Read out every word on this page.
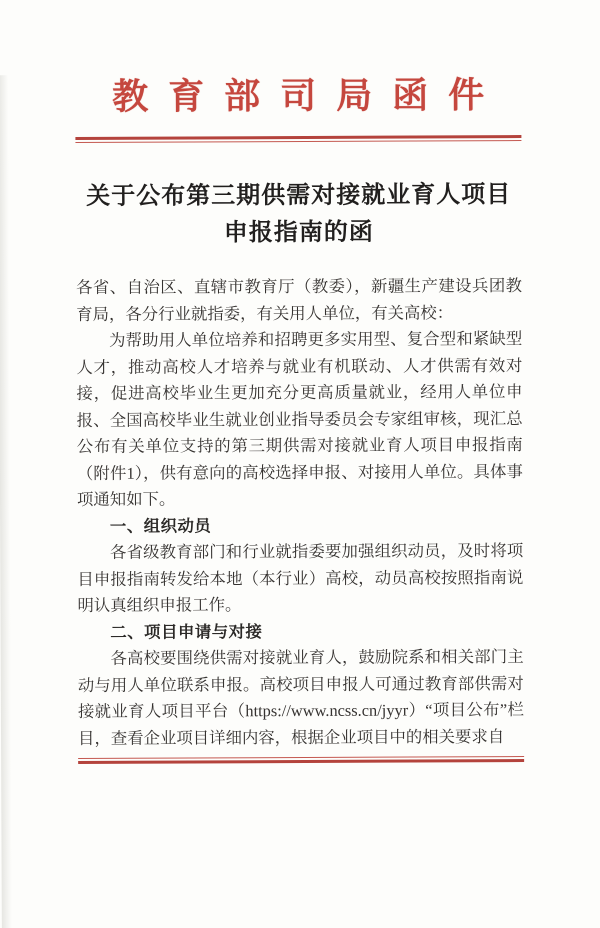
教育部司局函件
关于公布第三期供需对接就业育人项目
申报指南的函

各省、自治区、直辖市教育厅（教委），新疆生产建设兵团教育局，各分行业就指委，有关用人单位，有关高校：

为帮助用人单位培养和招聘更多实用型、复合型和紧缺型人才，推动高校人才培养与就业有机联动、人才供需有效对接，促进高校毕业生更加充分更高质量就业，经用人单位申报、全国高校毕业生就业创业指导委员会专家组审核，现汇总公布有关单位支持的第三期供需对接就业育人项目申报指南（附件1），供有意向的高校选择申报、对接用人单位。具体事项通知如下。

一、组织动员

各省级教育部门和行业就指委要加强组织动员，及时将项目申报指南转发给本地（本行业）高校，动员高校按照指南说明认真组织申报工作。

二、项目申请与对接

各高校要围绕供需对接就业育人，鼓励院系和相关部门主动与用人单位联系申报。高校项目申报人可通过教育部供需对接就业育人项目平台（https://www.ncss.cn/jyyr）“项目公布”栏目，查看企业项目详细内容，根据企业项目中的相关要求自
